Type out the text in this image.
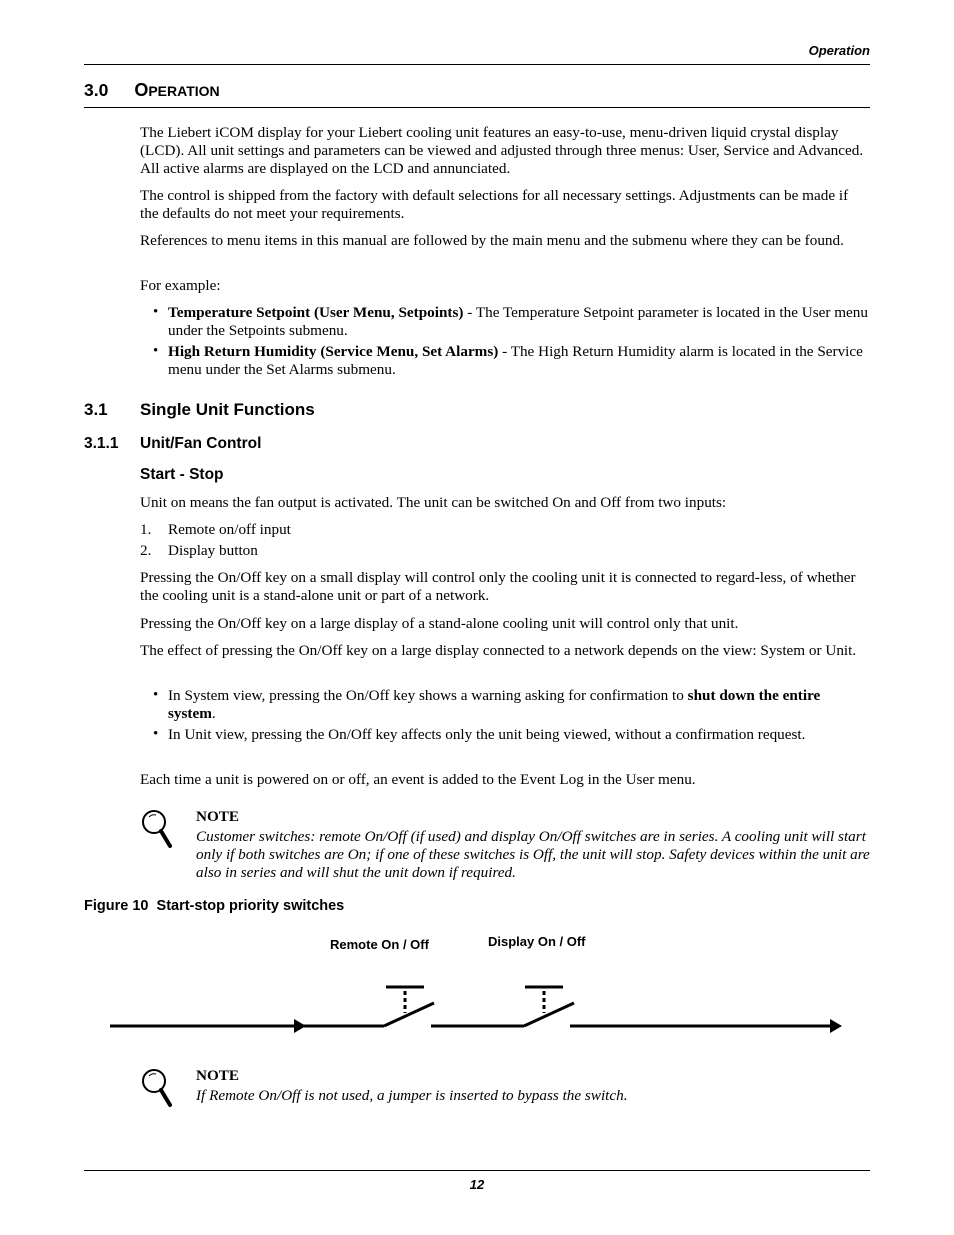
Operation
3.0 OPERATION

The Liebert iCOM display for your Liebert cooling unit features an easy-to-use, menu-driven liquid crystal display (LCD). All unit settings and parameters can be viewed and adjusted through three menus: User, Service and Advanced. All active alarms are displayed on the LCD and annunciated.

The control is shipped from the factory with default selections for all necessary settings. Adjustments can be made if the defaults do not meet your requirements.

References to menu items in this manual are followed by the main menu and the submenu where they can be found.

For example:

• Temperature Setpoint (User Menu, Setpoints) - The Temperature Setpoint parameter is located in the User menu under the Setpoints submenu.

• High Return Humidity (Service Menu, Set Alarms) - The High Return Humidity alarm is located in the Service menu under the Set Alarms submenu.

3.1 Single Unit Functions
3.1.1 Unit/Fan Control
Start - Stop

Unit on means the fan output is activated. The unit can be switched On and Off from two inputs:

1. Remote on/off input
2. Display button

Pressing the On/Off key on a small display will control only the cooling unit it is connected to regard-less, of whether the cooling unit is a stand-alone unit or part of a network.

Pressing the On/Off key on a large display of a stand-alone cooling unit will control only that unit.

The effect of pressing the On/Off key on a large display connected to a network depends on the view: System or Unit.

• In System view, pressing the On/Off key shows a warning asking for confirmation to shut down the entire system.

• In Unit view, pressing the On/Off key affects only the unit being viewed, without a confirmation request.

Each time a unit is powered on or off, an event is added to the Event Log in the User menu.

NOTE

Customer switches: remote On/Off (if used) and display On/Off switches are in series. A cooling unit will start only if both switches are On; if one of these switches is Off, the unit will stop. Safety devices within the unit are also in series and will shut the unit down if required.

Figure 10  Start-stop priority switches
Remote On / Off	Display On / Off
NOTE

If Remote On/Off is not used, a jumper is inserted to bypass the switch.

12
